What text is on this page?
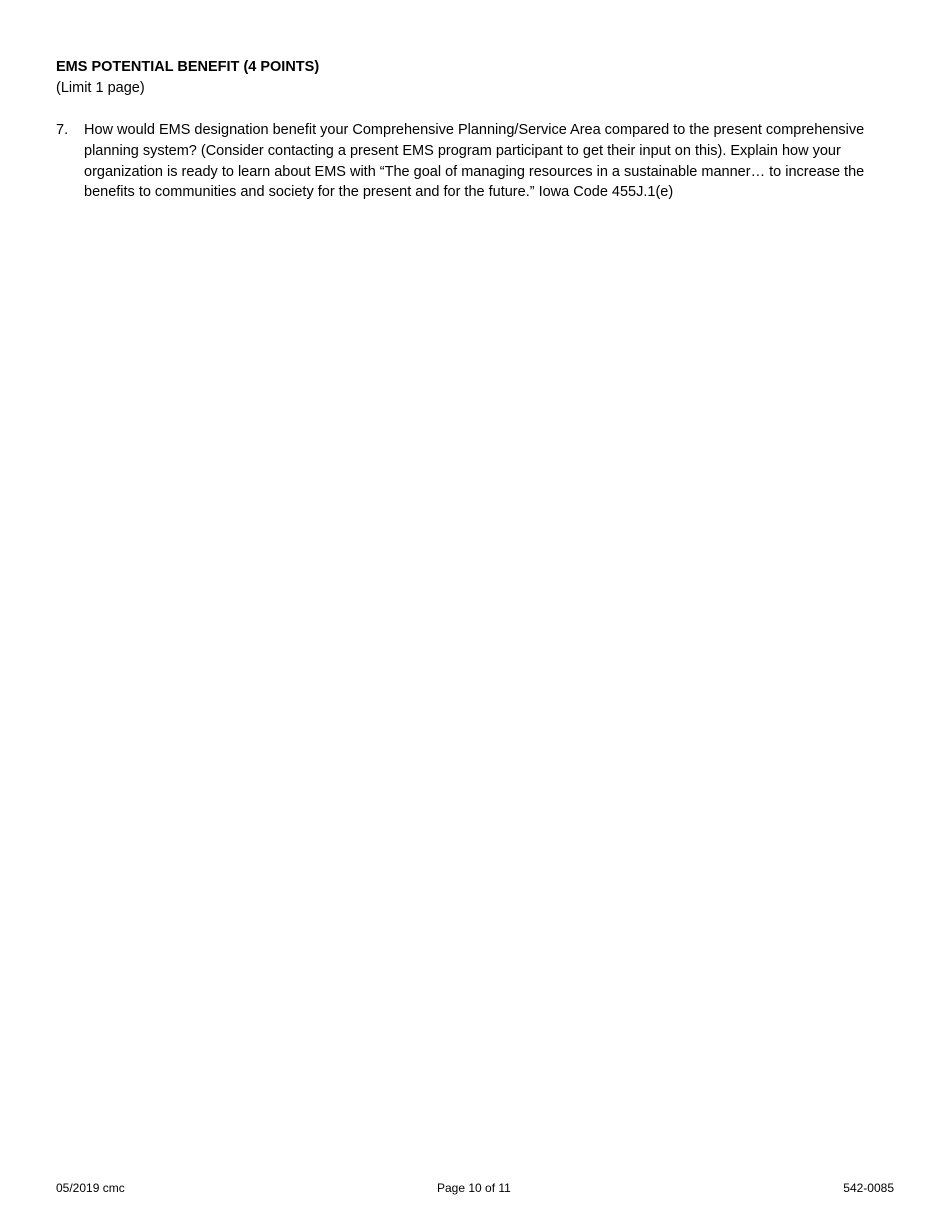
EMS POTENTIAL BENEFIT (4 POINTS)
(Limit 1 page)
7.	How would EMS designation benefit your Comprehensive Planning/Service Area compared to the present comprehensive planning system? (Consider contacting a present EMS program participant to get their input on this). Explain how your organization is ready to learn about EMS with “The goal of managing resources in a sustainable manner… to increase the benefits to communities and society for the present and for the future.” Iowa Code 455J.1(e)
05/2019 cmc	Page 10 of 11	542-0085
